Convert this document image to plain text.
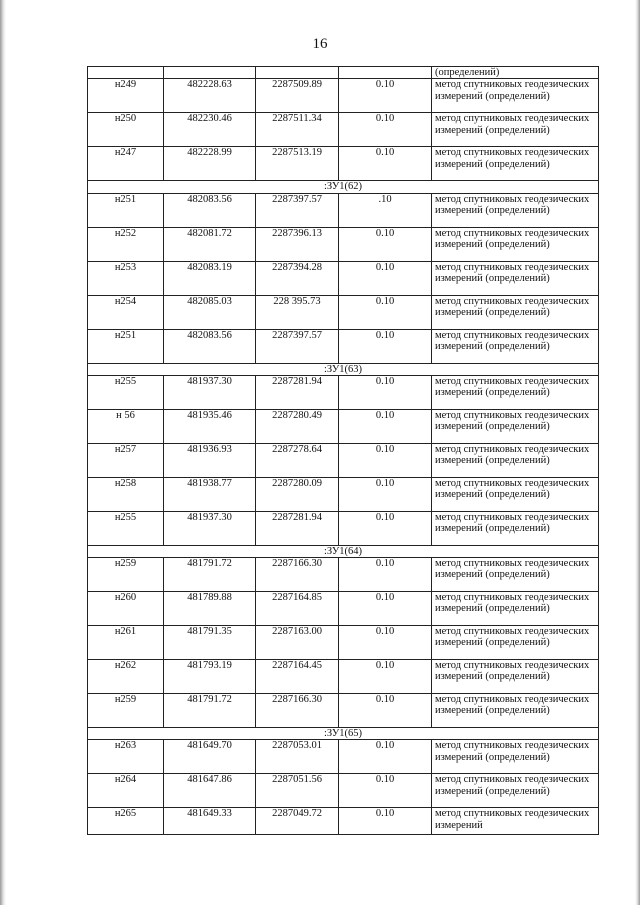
16
				(определений)
н249	482228.63	2287509.89	0.10	метод спутниковых геодезических измерений (определений)
н250	482230.46	2287511.34	0.10	метод спутниковых геодезических измерений (определений)
н247	482228.99	2287513.19	0.10	метод спутниковых геодезических измерений (определений)
:ЗУ1(62)				
н251	482083.56	2287397.57	.10	метод спутниковых геодезических измерений (определений)
н252	482081.72	2287396.13	0.10	метод спутниковых геодезических измерений (определений)
н253	482083.19	2287394.28	0.10	метод спутниковых геодезических измерений (определений)
н254	482085.03	228 395.73	0.10	метод спутниковых геодезических измерений (определений)
н251	482083.56	2287397.57	0.10	метод спутниковых геодезических измерений (определений)
:ЗУ1(63)				
н255	481937.30	2287281.94	0.10	метод спутниковых геодезических измерений (определений)
н 56	481935.46	2287280.49	0.10	метод спутниковых геодезических измерений (определений)
н257	481936.93	2287278.64	0.10	метод спутниковых геодезических измерений (определений)
н258	481938.77	2287280.09	0.10	метод спутниковых геодезических измерений (определений)
н255	481937.30	2287281.94	0.10	метод спутниковых геодезических измерений (определений)
:ЗУ1(64)				
н259	481791.72	2287166.30	0.10	метод спутниковых геодезических измерений (определений)
н260	481789.88	2287164.85	0.10	метод спутниковых геодезических измерений (определений)
н261	481791.35	2287163.00	0.10	метод спутниковых геодезических измерений (определений)
н262	481793.19	2287164.45	0.10	метод спутниковых геодезических измерений (определений)
н259	481791.72	2287166.30	0.10	метод спутниковых геодезических измерений (определений)
:ЗУ1(65)				
н263	481649.70	2287053.01	0.10	метод спутниковых геодезических измерений (определений)
н264	481647.86	2287051.56	0.10	метод спутниковых геодезических измерений (определений)
н265	481649.33	2287049.72	0.10	метод спутниковых геодезических измерений
